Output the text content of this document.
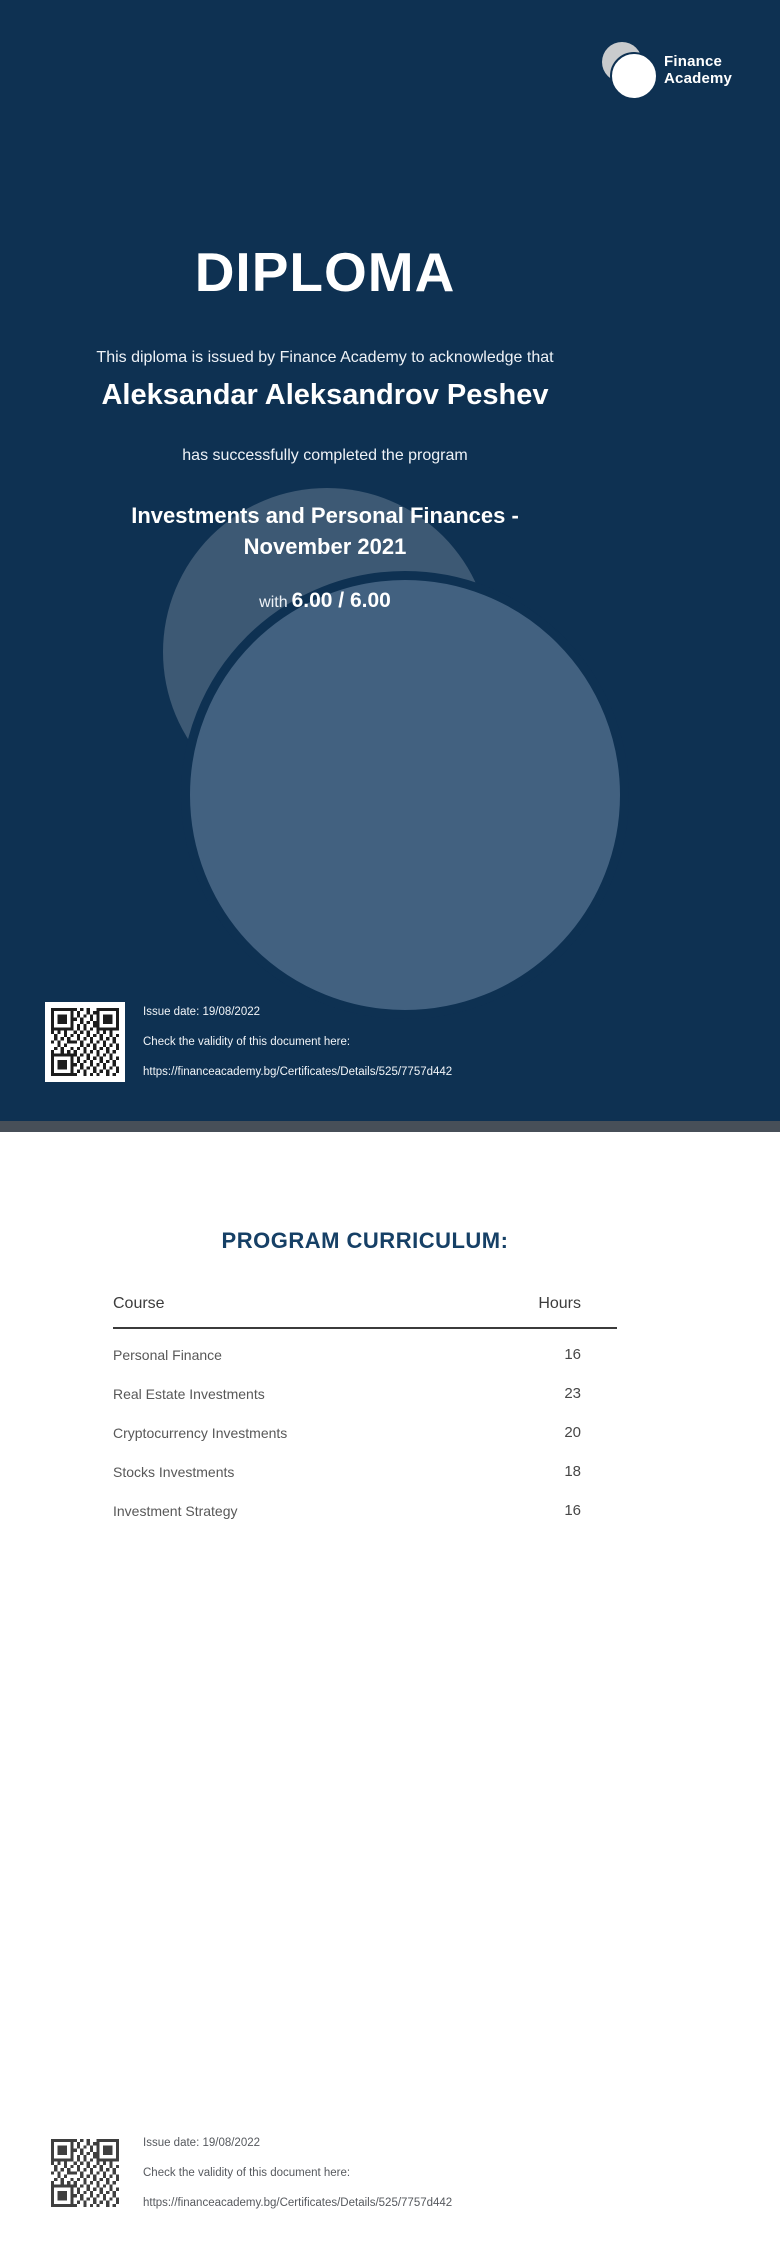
Finance
Academy
DIPLOMA

This diploma is issued by Finance Academy to acknowledge that

Aleksandar Aleksandrov Peshev

has successfully completed the program

Investments and Personal Finances - November 2021

with 6.00 / 6.00

Issue date: 19/08/2022
Check the validity of this document here:
https://financeacademy.bg/Certificates/Details/525/7757d442
PROGRAM CURRICULUM:
Course	Hours
Personal Finance	16
Real Estate Investments	23
Cryptocurrency Investments	20
Stocks Investments	18
Investment Strategy	16
Issue date: 19/08/2022
Check the validity of this document here:
https://financeacademy.bg/Certificates/Details/525/7757d442
